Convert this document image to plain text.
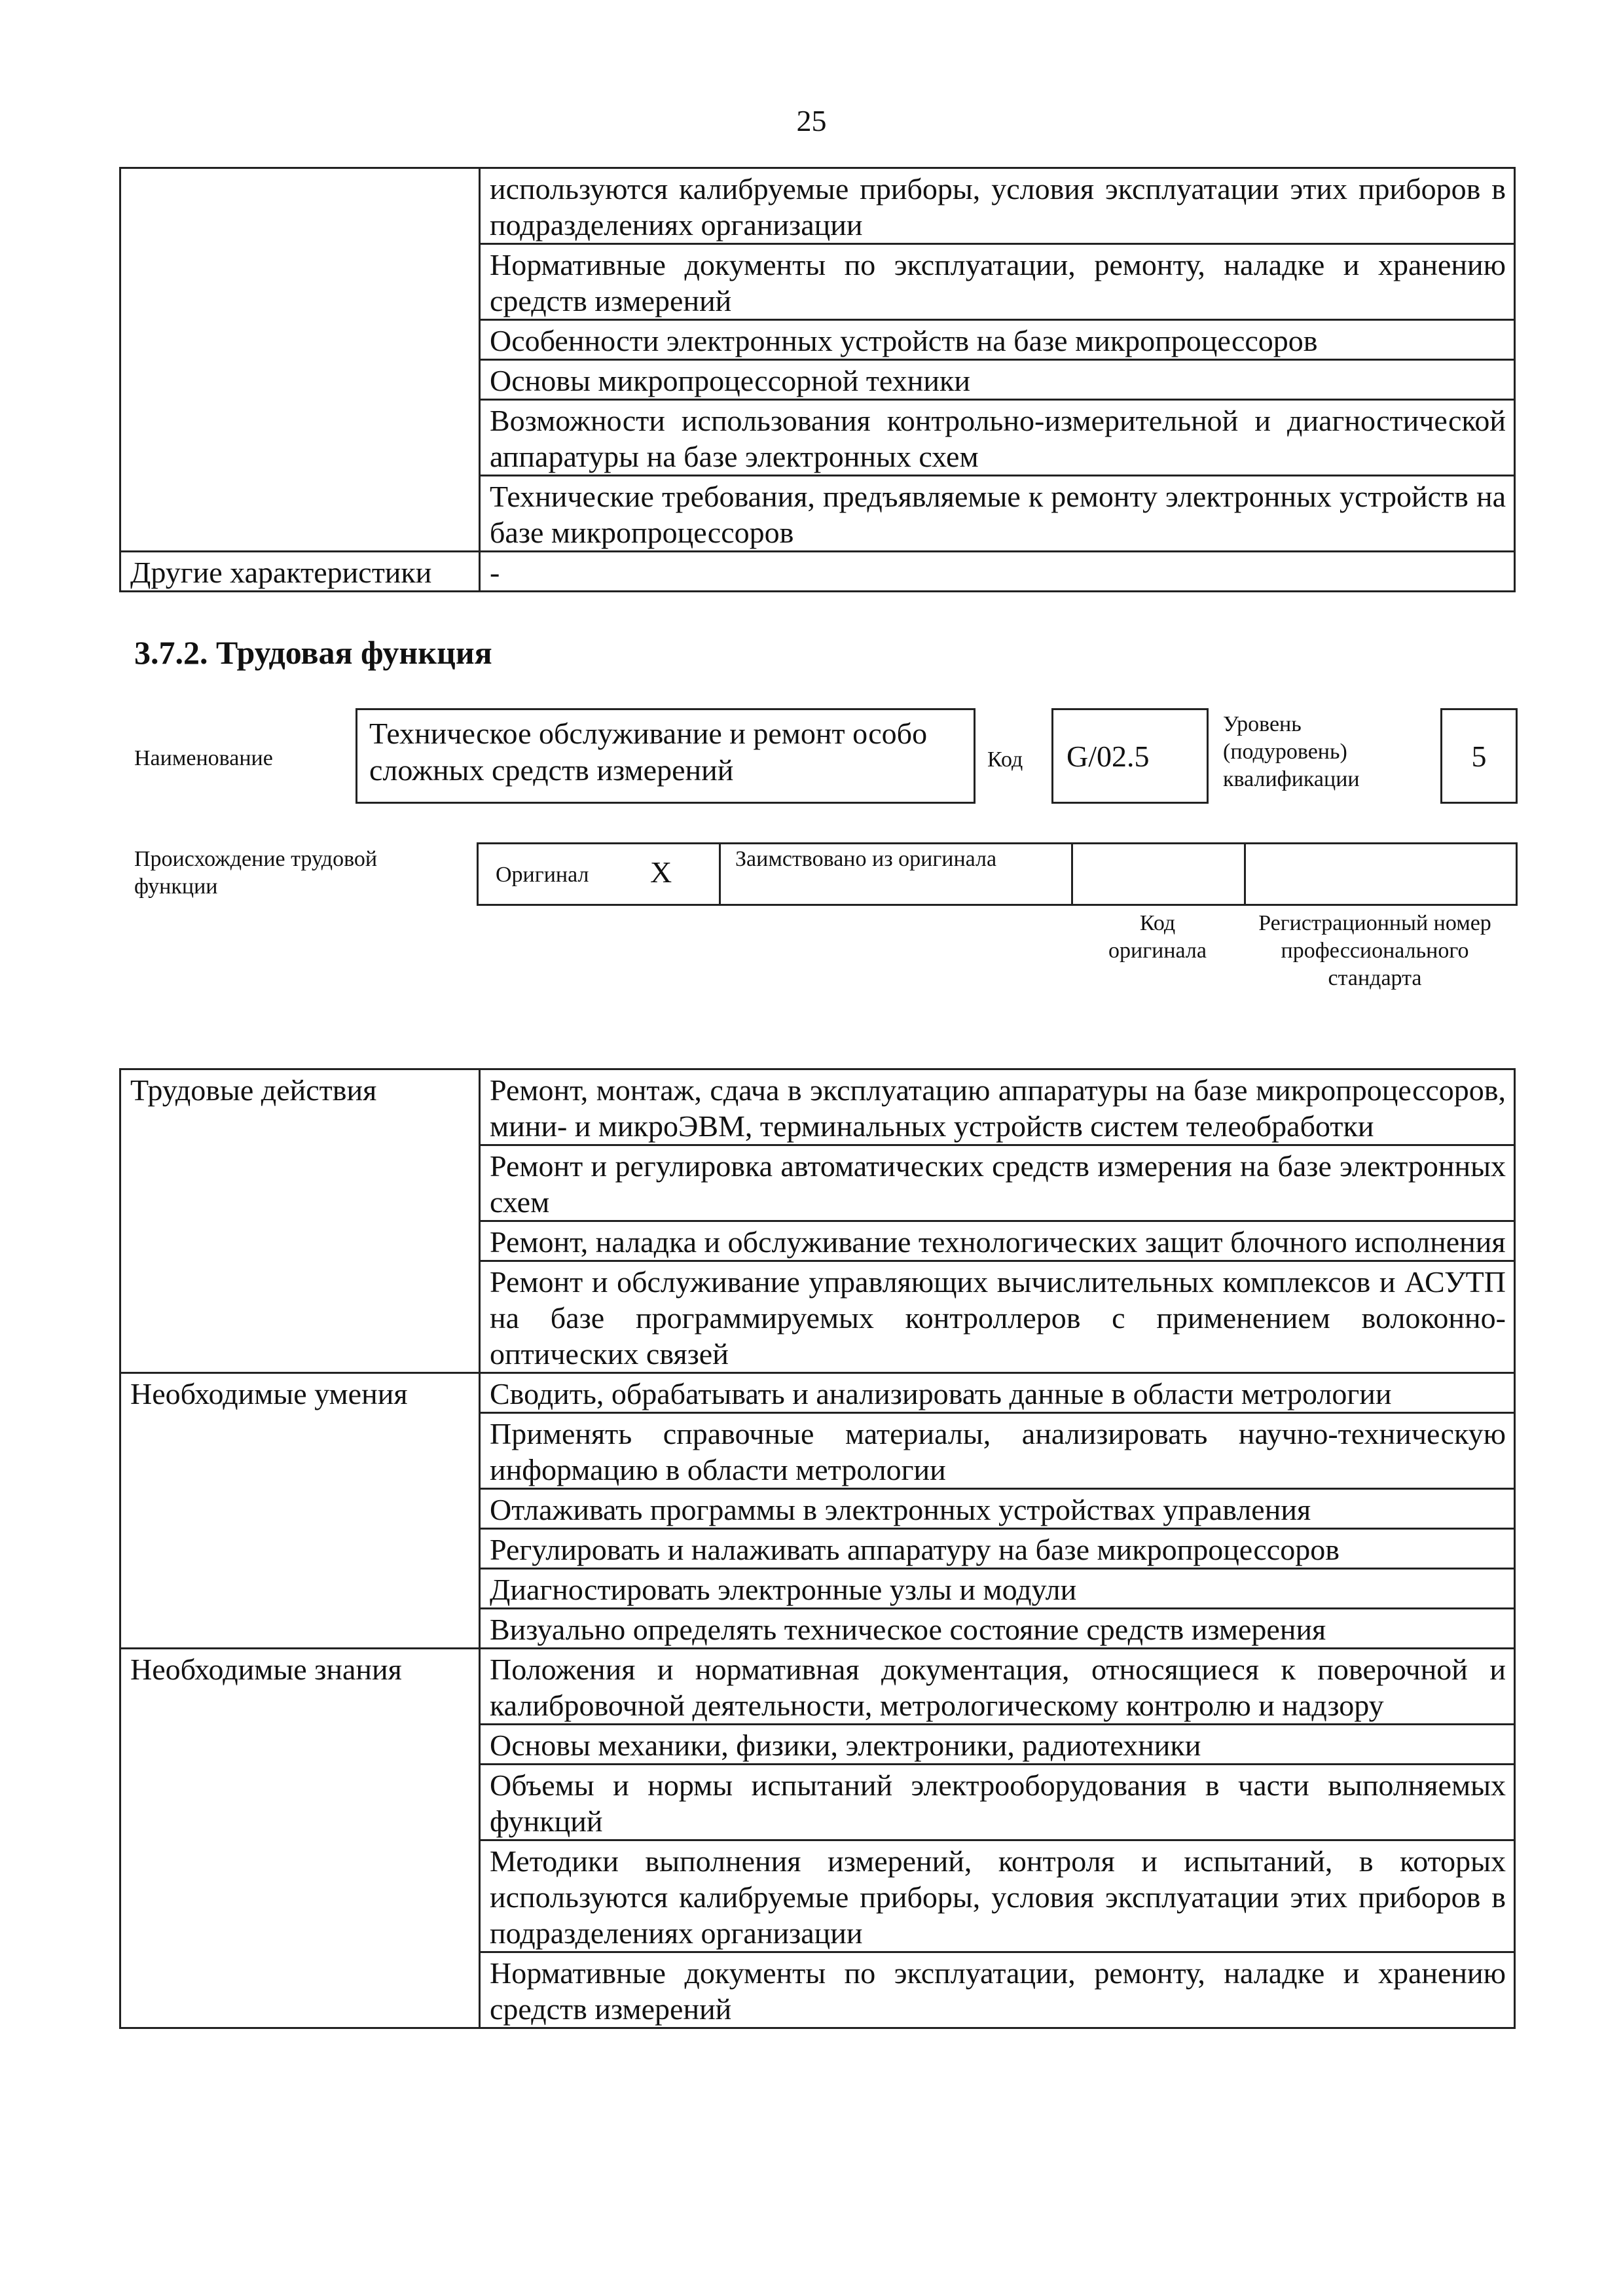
25
	используются калибруемые приборы, условия эксплуатации этих приборов в подразделениях организации
	Нормативные документы по эксплуатации, ремонту, наладке и хранению средств измерений
	Особенности электронных устройств на базе микропроцессоров
	Основы микропроцессорной техники
	Возможности использования контрольно-измерительной и диагностической аппаратуры на базе электронных схем
	Технические требования, предъявляемые к ремонту электронных устройств на базе микропроцессоров
Другие характеристики	-
3.7.2. Трудовая функция
Наименование
Техническое обслуживание и ремонт особо сложных средств измерений	Код	G/02.5
Уровень (подуровень) квалификации
5
Происхождение трудовой функции	Оригинал X	Заимствовано из оригинала
Код оригинала
Регистрационный номер профессионального стандарта
Трудовые действия	Ремонт, монтаж, сдача в эксплуатацию аппаратуры на базе микропроцессоров, мини- и микроЭВМ, терминальных устройств систем телеобработки
	Ремонт и регулировка автоматических средств измерения на базе электронных схем
	Ремонт, наладка и обслуживание технологических защит блочного исполнения
	Ремонт и обслуживание управляющих вычислительных комплексов и АСУТП на базе программируемых контроллеров с применением волоконно-оптических связей
Необходимые умения	Сводить, обрабатывать и анализировать данные в области метрологии
	Применять справочные материалы, анализировать научно-техническую информацию в области метрологии
	Отлаживать программы в электронных устройствах управления
	Регулировать и налаживать аппаратуру на базе микропроцессоров
	Диагностировать электронные узлы и модули
	Визуально определять техническое состояние средств измерения
Необходимые знания	Положения и нормативная документация, относящиеся к поверочной и калибровочной деятельности, метрологическому контролю и надзору
	Основы механики, физики, электроники, радиотехники
	Объемы и нормы испытаний электрооборудования в части выполняемых функций
	Методики выполнения измерений, контроля и испытаний, в которых используются калибруемые приборы, условия эксплуатации этих приборов в подразделениях организации
	Нормативные документы по эксплуатации, ремонту, наладке и хранению средств измерений
